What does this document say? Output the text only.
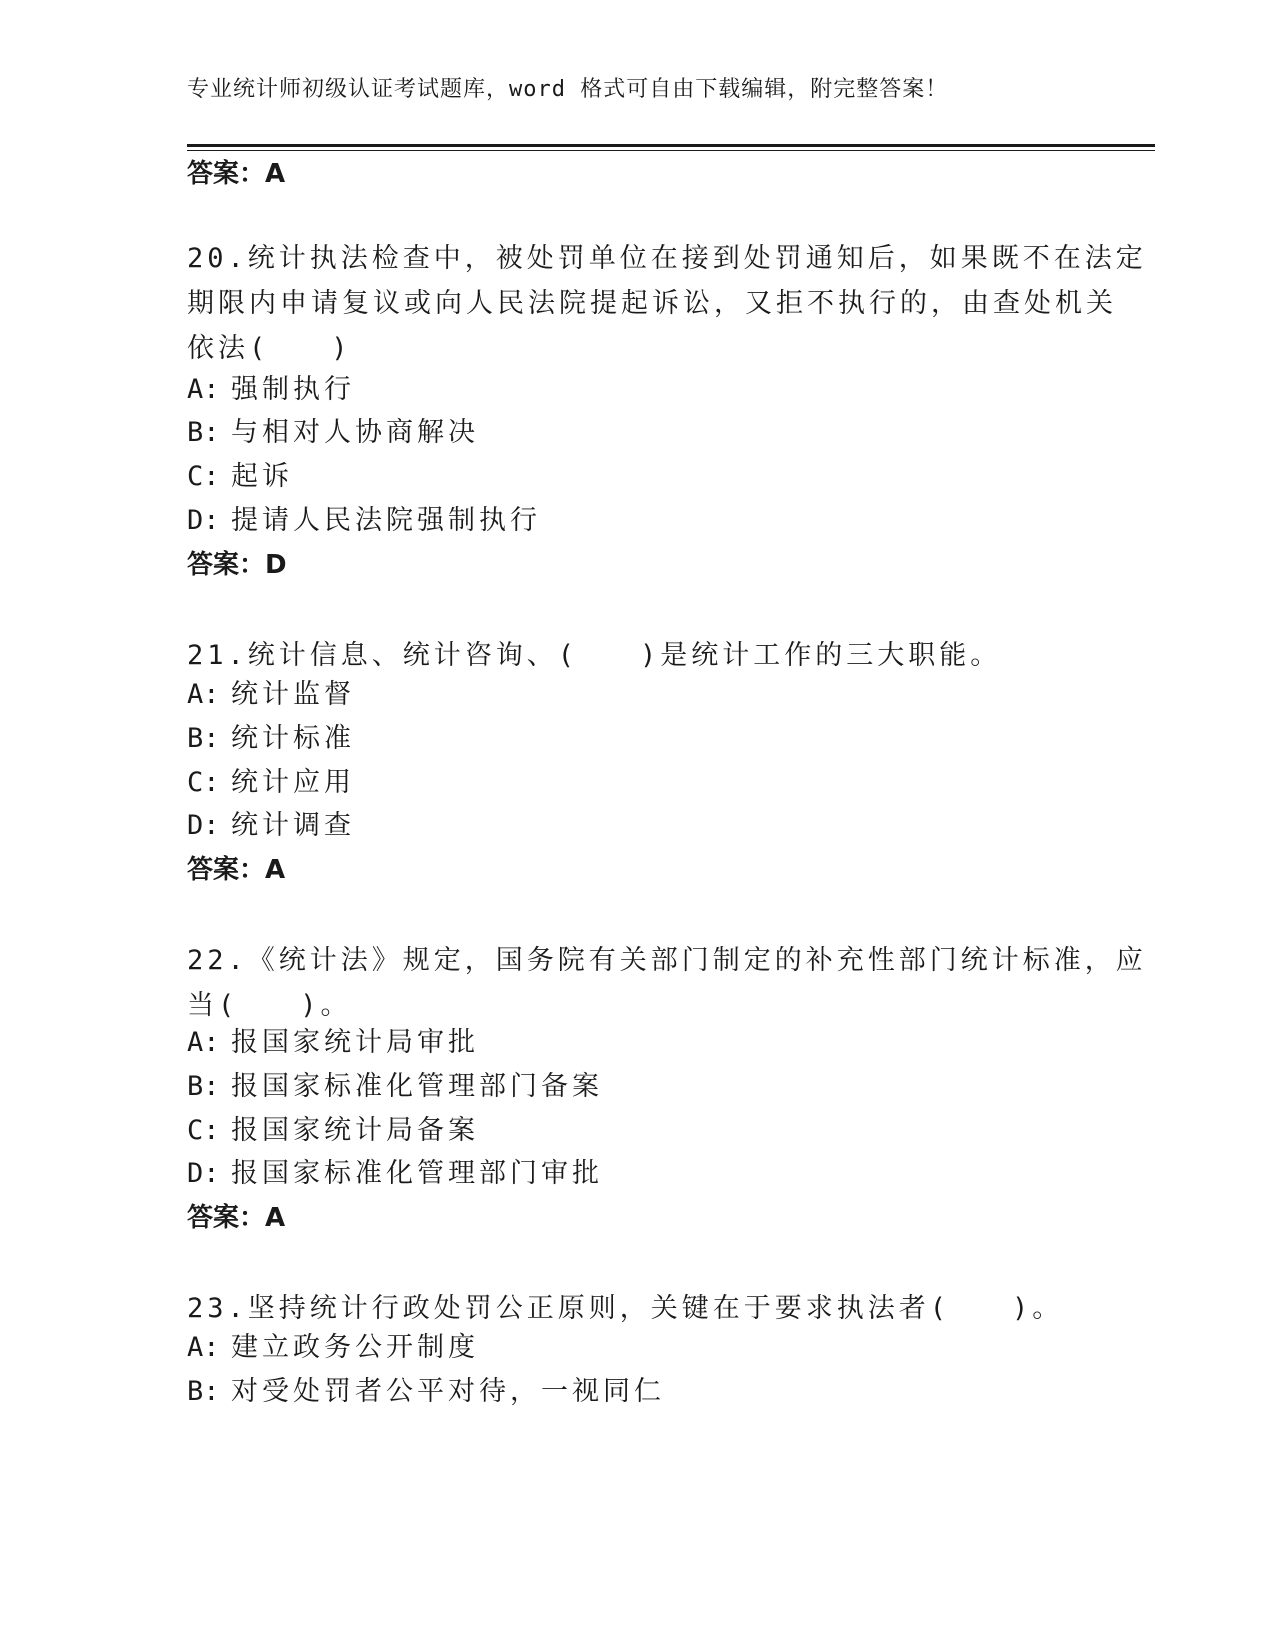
专业统计师初级认证考试题库，word 格式可自由下载编辑，附完整答案！
答案：A
20.统计执法检查中，被处罚单位在接到处罚通知后，如果既不在法定
期限内申请复议或向人民法院提起诉讼，又拒不执行的，由查处机关
依法(　　)
A: 强制执行
B: 与相对人协商解决
C: 起诉
D: 提请人民法院强制执行
答案：D
21.统计信息、统计咨询、(　　)是统计工作的三大职能。
A: 统计监督
B: 统计标准
C: 统计应用
D: 统计调查
答案：A
22.《统计法》规定，国务院有关部门制定的补充性部门统计标准，应
当(　　)。
A: 报国家统计局审批
B: 报国家标准化管理部门备案
C: 报国家统计局备案
D: 报国家标准化管理部门审批
答案：A
23.坚持统计行政处罚公正原则，关键在于要求执法者(　　)。
A: 建立政务公开制度
B: 对受处罚者公平对待，一视同仁
